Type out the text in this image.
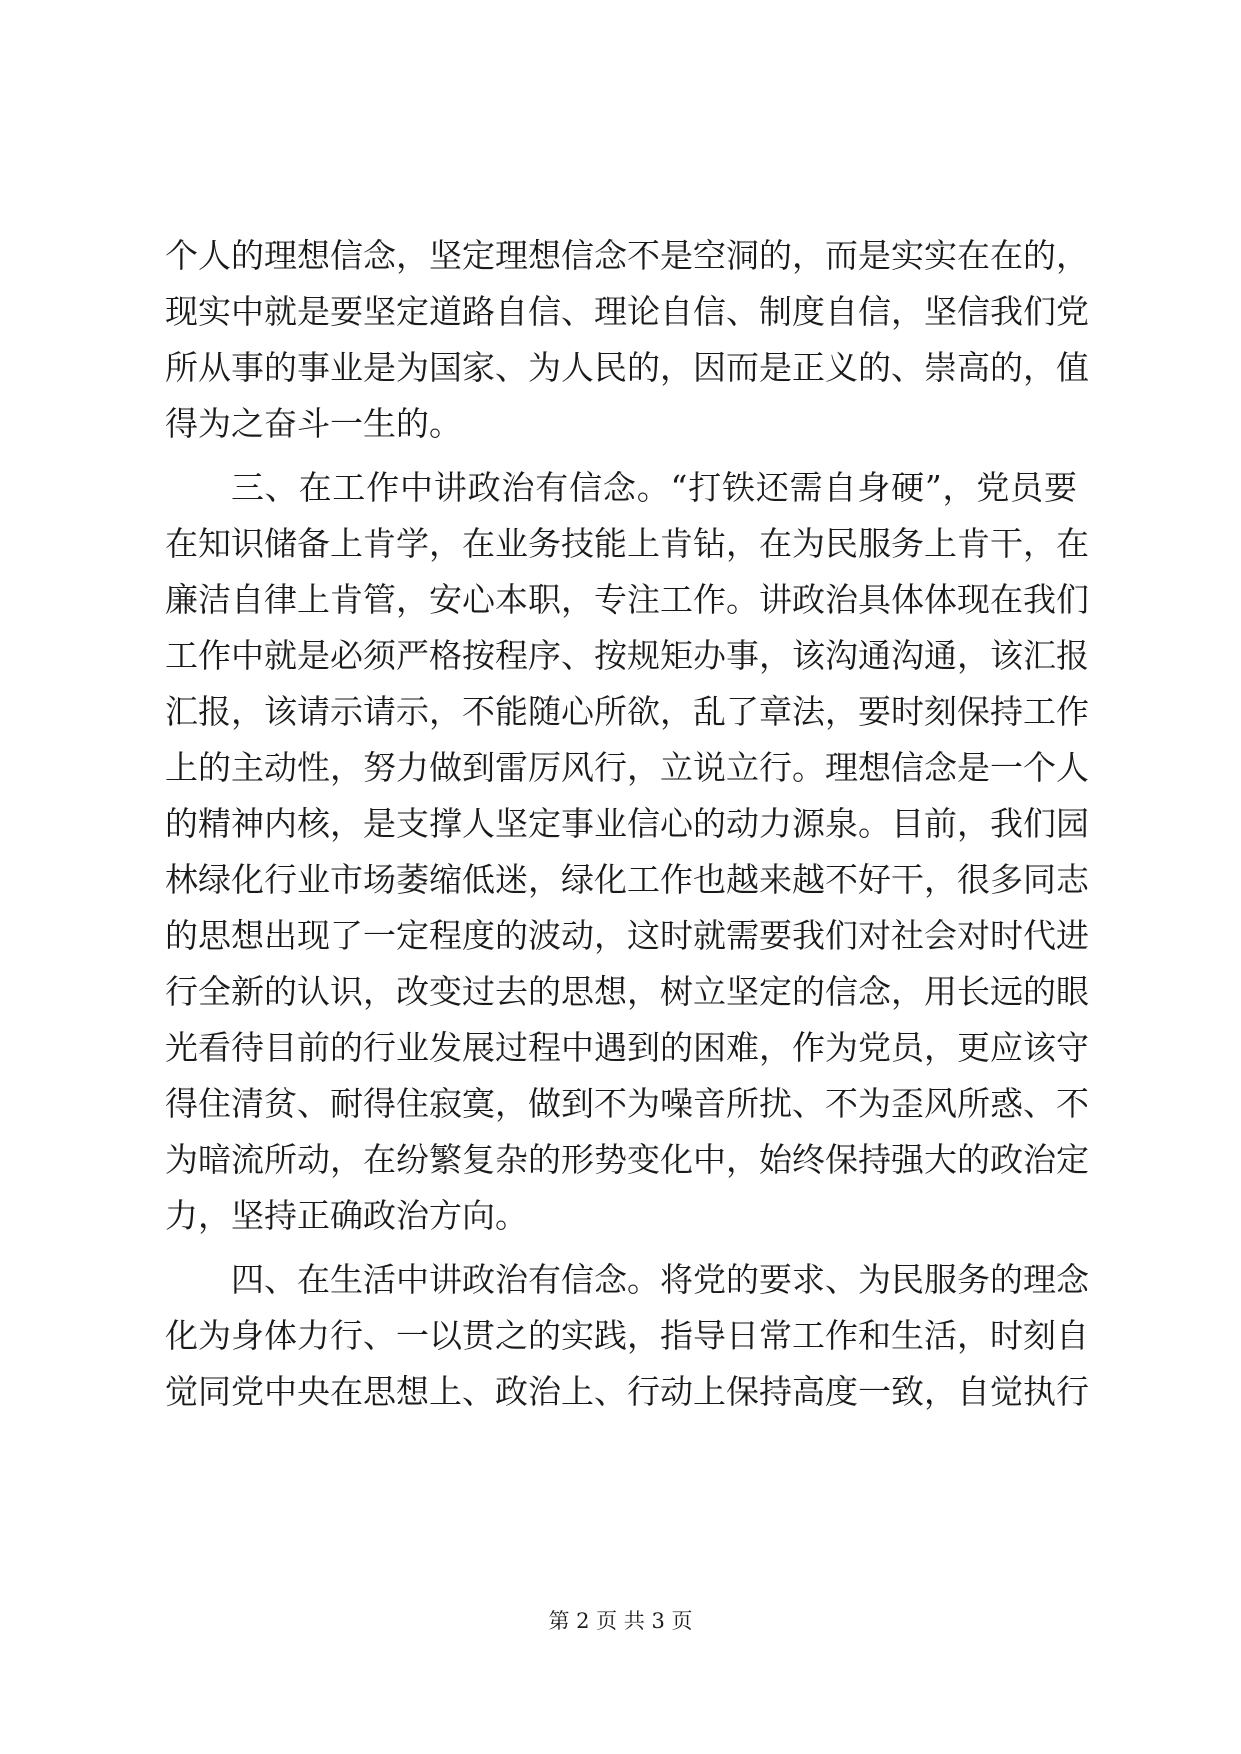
个人的理想信念，坚定理想信念不是空洞的，而是实实在在的，
现实中就是要坚定道路自信、理论自信、制度自信，坚信我们党
所从事的事业是为国家、为人民的，因而是正义的、崇高的，值
得为之奋斗一生的。
三、在工作中讲政治有信念。“打铁还需自身硬”，党员要
在知识储备上肯学，在业务技能上肯钻，在为民服务上肯干，在
廉洁自律上肯管，安心本职，专注工作。讲政治具体体现在我们
工作中就是必须严格按程序、按规矩办事，该沟通沟通，该汇报
汇报，该请示请示，不能随心所欲，乱了章法，要时刻保持工作
上的主动性，努力做到雷厉风行，立说立行。理想信念是一个人
的精神内核，是支撑人坚定事业信心的动力源泉。目前，我们园
林绿化行业市场萎缩低迷，绿化工作也越来越不好干，很多同志
的思想出现了一定程度的波动，这时就需要我们对社会对时代进
行全新的认识，改变过去的思想，树立坚定的信念，用长远的眼
光看待目前的行业发展过程中遇到的困难，作为党员，更应该守
得住清贫、耐得住寂寞，做到不为噪音所扰、不为歪风所惑、不
为暗流所动，在纷繁复杂的形势变化中，始终保持强大的政治定
力，坚持正确政治方向。
四、在生活中讲政治有信念。将党的要求、为民服务的理念
化为身体力行、一以贯之的实践，指导日常工作和生活，时刻自
觉同党中央在思想上、政治上、行动上保持高度一致，自觉执行
第 2 页 共 3 页
